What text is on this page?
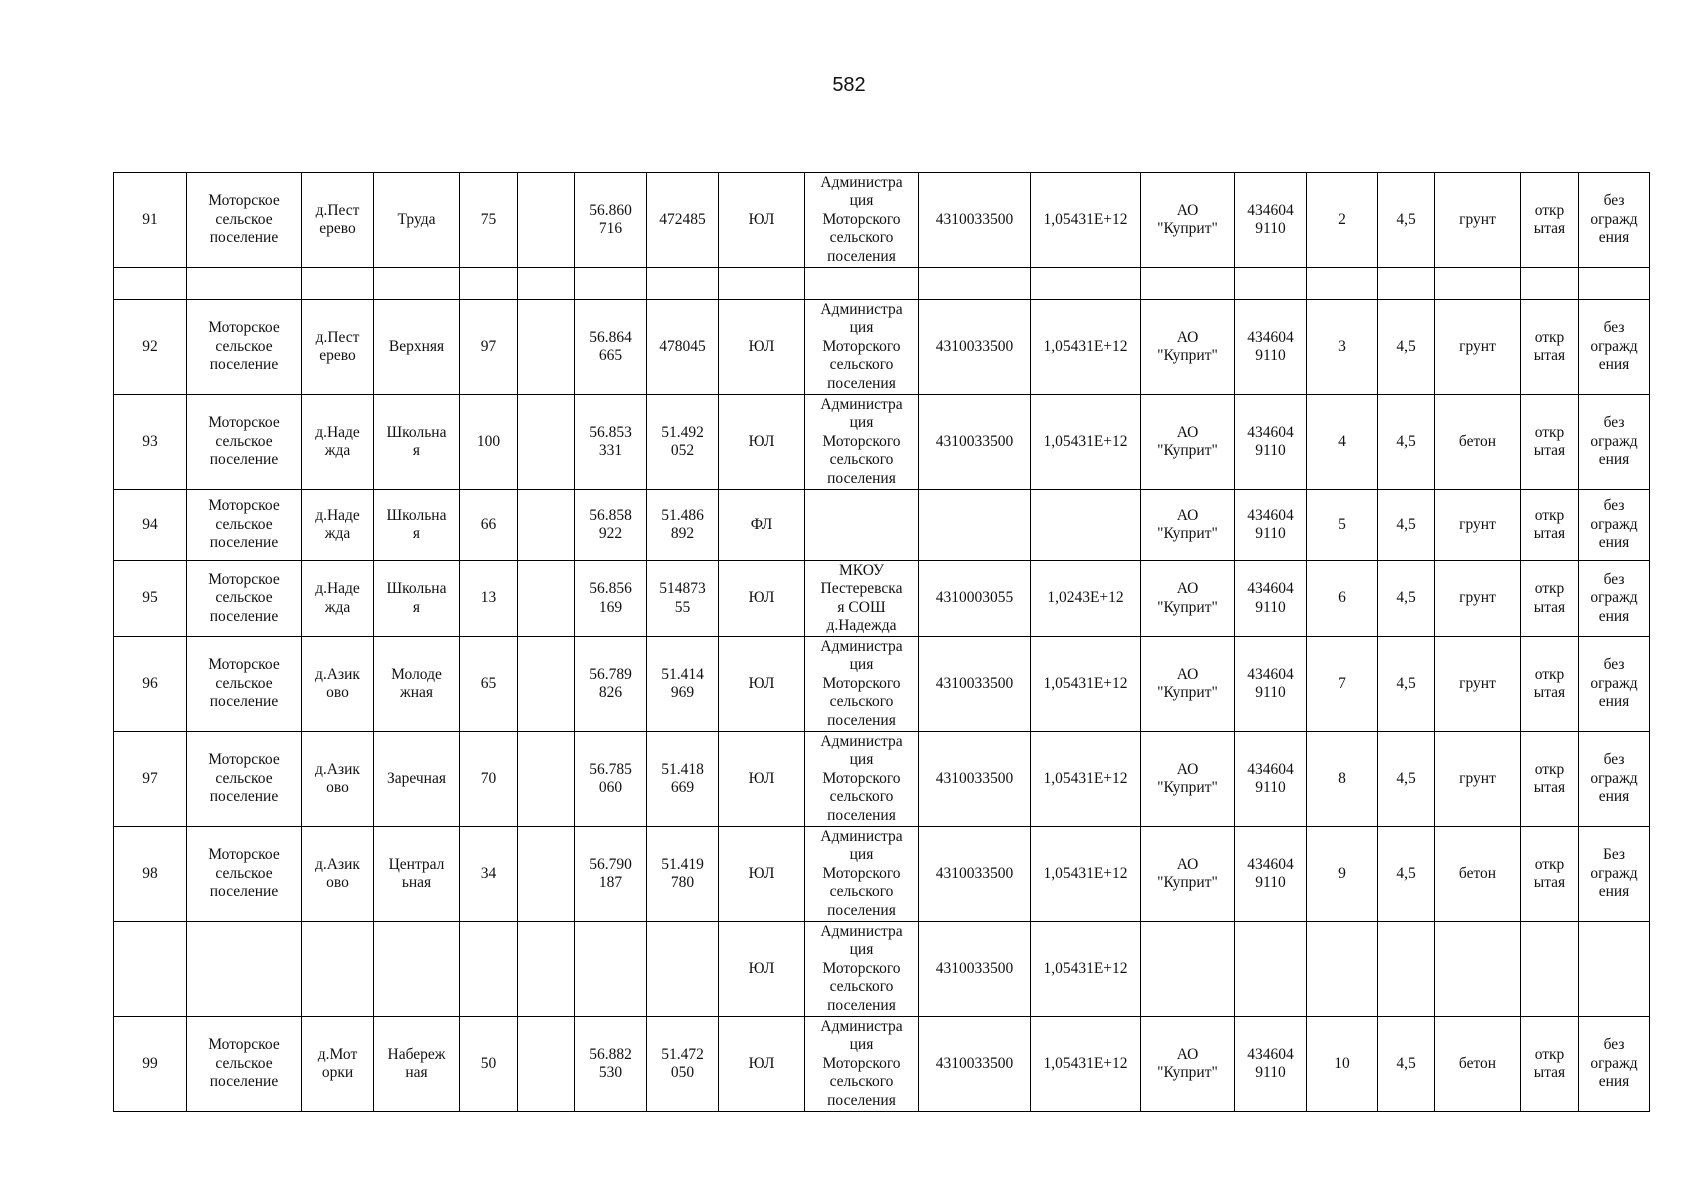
582
91	Моторское
сельское
поселение	д.Пест
ерево	Труда	75		56.860
716	472485	ЮЛ	Администра
ция
Моторского
сельского
поселения	4310033500	1,05431E+12	АО
"Куприт"	434604
9110	2	4,5	грунт	откр
ытая	без
огражд
ения

92	Моторское
сельское
поселение	д.Пест
ерево	Верхняя	97		56.864
665	478045	ЮЛ	Администра
ция
Моторского
сельского
поселения	4310033500	1,05431E+12	АО
"Куприт"	434604
9110	3	4,5	грунт	откр
ытая	без
огражд
ения
93	Моторское
сельское
поселение	д.Наде
жда	Школьна
я	100		56.853
331	51.492
052	ЮЛ	Администра
ция
Моторского
сельского
поселения	4310033500	1,05431E+12	АО
"Куприт"	434604
9110	4	4,5	бетон	откр
ытая	без
огражд
ения
94	Моторское
сельское
поселение	д.Наде
жда	Школьна
я	66		56.858
922	51.486
892	ФЛ				АО
"Куприт"	434604
9110	5	4,5	грунт	откр
ытая	без
огражд
ения
95	Моторское
сельское
поселение	д.Наде
жда	Школьна
я	13		56.856
169	514873
55	ЮЛ	МКОУ
Пестеревска
я СОШ
д.Надежда	4310003055	1,0243E+12	АО
"Куприт"	434604
9110	6	4,5	грунт	откр
ытая	без
огражд
ения
96	Моторское
сельское
поселение	д.Азик
ово	Молоде
жная	65		56.789
826	51.414
969	ЮЛ	Администра
ция
Моторского
сельского
поселения	4310033500	1,05431E+12	АО
"Куприт"	434604
9110	7	4,5	грунт	откр
ытая	без
огражд
ения
97	Моторское
сельское
поселение	д.Азик
ово	Заречная	70		56.785
060	51.418
669	ЮЛ	Администра
ция
Моторского
сельского
поселения	4310033500	1,05431E+12	АО
"Куприт"	434604
9110	8	4,5	грунт	откр
ытая	без
огражд
ения
98	Моторское
сельское
поселение	д.Азик
ово	Централ
ьная	34		56.790
187	51.419
780	ЮЛ	Администра
ция
Моторского
сельского
поселения	4310033500	1,05431E+12	АО
"Куприт"	434604
9110	9	4,5	бетон	откр
ытая	Без
огражд
ения
								ЮЛ	Администра
ция
Моторского
сельского
поселения	4310033500	1,05431E+12							
99	Моторское
сельское
поселение	д.Мот
орки	Набереж
ная	50		56.882
530	51.472
050	ЮЛ	Администра
ция
Моторского
сельского
поселения	4310033500	1,05431E+12	АО
"Куприт"	434604
9110	10	4,5	бетон	откр
ытая	без
огражд
ения
